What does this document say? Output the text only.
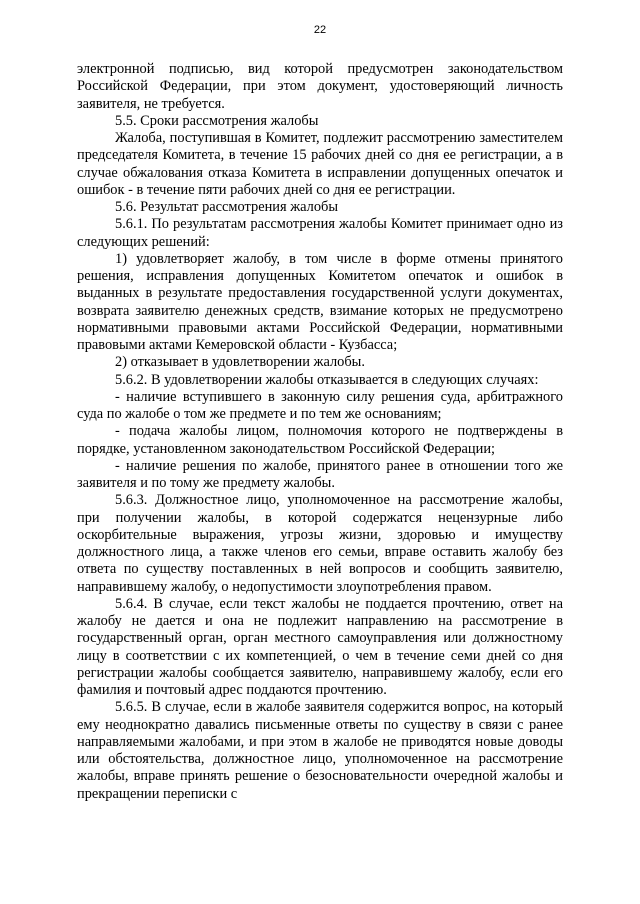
22

электронной подписью, вид которой предусмотрен законодательством Российской Федерации, при этом документ, удостоверяющий личность заявителя, не требуется.

5.5. Сроки рассмотрения жалобы

Жалоба, поступившая в Комитет, подлежит рассмотрению заместителем председателя Комитета, в течение 15 рабочих дней со дня ее регистрации, а в случае обжалования отказа Комитета в исправлении допущенных опечаток и ошибок - в течение пяти рабочих дней со дня ее регистрации.

5.6. Результат рассмотрения жалобы

5.6.1. По результатам рассмотрения жалобы Комитет принимает одно из следующих решений:

1) удовлетворяет жалобу, в том числе в форме отмены принятого решения, исправления допущенных Комитетом опечаток и ошибок в выданных в результате предоставления государственной услуги документах, возврата заявителю денежных средств, взимание которых не предусмотрено нормативными правовыми актами Российской Федерации, нормативными правовыми актами Кемеровской области - Кузбасса;

2) отказывает в удовлетворении жалобы.

5.6.2. В удовлетворении жалобы отказывается в следующих случаях:

- наличие вступившего в законную силу решения суда, арбитражного суда по жалобе о том же предмете и по тем же основаниям;

- подача жалобы лицом, полномочия которого не подтверждены в порядке, установленном законодательством Российской Федерации;

- наличие решения по жалобе, принятого ранее в отношении того же заявителя и по тому же предмету жалобы.

5.6.3. Должностное лицо, уполномоченное на рассмотрение жалобы, при получении жалобы, в которой содержатся нецензурные либо оскорбительные выражения, угрозы жизни, здоровью и имуществу должностного лица, а также членов его семьи, вправе оставить жалобу без ответа по существу поставленных в ней вопросов и сообщить заявителю, направившему жалобу, о недопустимости злоупотребления правом.

5.6.4. В случае, если текст жалобы не поддается прочтению, ответ на жалобу не дается и она не подлежит направлению на рассмотрение в государственный орган, орган местного самоуправления или должностному лицу в соответствии с их компетенцией, о чем в течение семи дней со дня регистрации жалобы сообщается заявителю, направившему жалобу, если его фамилия и почтовый адрес поддаются прочтению.

5.6.5. В случае, если в жалобе заявителя содержится вопрос, на который ему неоднократно давались письменные ответы по существу в связи с ранее направляемыми жалобами, и при этом в жалобе не приводятся новые доводы или обстоятельства, должностное лицо, уполномоченное на рассмотрение жалобы, вправе принять решение о безосновательности очередной жалобы и прекращении переписки с
